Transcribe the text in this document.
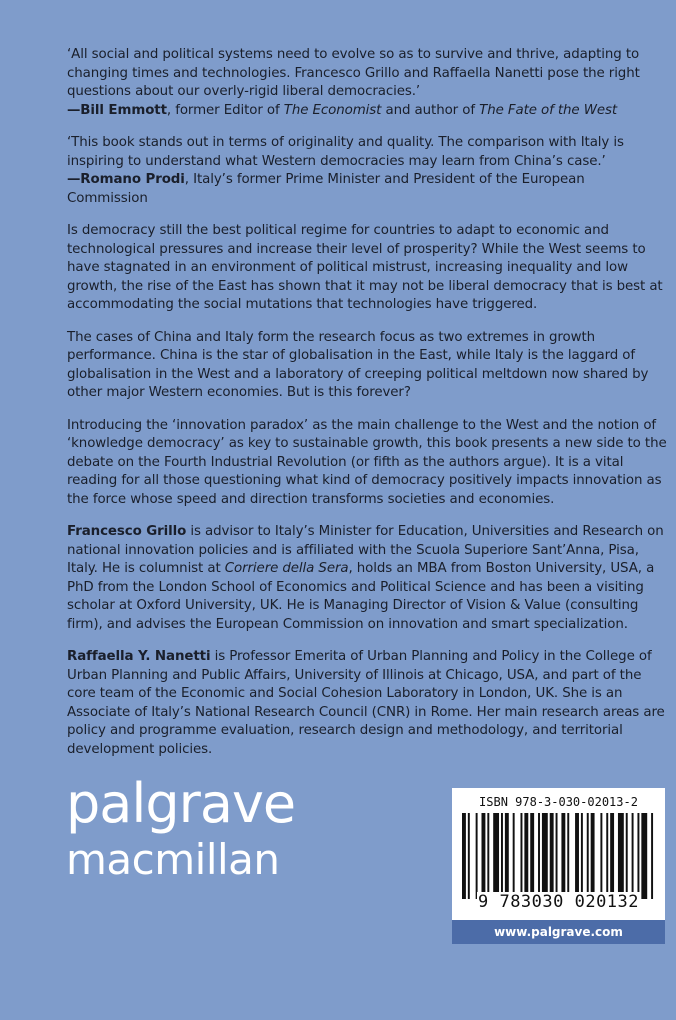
‘All social and political systems need to evolve so as to survive and thrive, adapting to changing times and technologies. Francesco Grillo and Raffaella Nanetti pose the right questions about our overly-rigid liberal democracies.’
—Bill Emmott, former Editor of The Economist and author of The Fate of the West

‘This book stands out in terms of originality and quality. The comparison with Italy is inspiring to understand what Western democracies may learn from China’s case.’
—Romano Prodi, Italy’s former Prime Minister and President of the European Commission

Is democracy still the best political regime for countries to adapt to economic and technological pressures and increase their level of prosperity? While the West seems to have stagnated in an environment of political mistrust, increasing inequality and low growth, the rise of the East has shown that it may not be liberal democracy that is best at accommodating the social mutations that technologies have triggered.

The cases of China and Italy form the research focus as two extremes in growth performance. China is the star of globalisation in the East, while Italy is the laggard of globalisation in the West and a laboratory of creeping political meltdown now shared by other major Western economies. But is this forever?

Introducing the ‘innovation paradox’ as the main challenge to the West and the notion of ‘knowledge democracy’ as key to sustainable growth, this book presents a new side to the debate on the Fourth Industrial Revolution (or fifth as the authors argue). It is a vital reading for all those questioning what kind of democracy positively impacts innovation as the force whose speed and direction transforms societies and economies.

Francesco Grillo is advisor to Italy’s Minister for Education, Universities and Research on national innovation policies and is affiliated with the Scuola Superiore Sant’Anna, Pisa, Italy. He is columnist at Corriere della Sera, holds an MBA from Boston University, USA, a PhD from the London School of Economics and Political Science and has been a visiting scholar at Oxford University, UK. He is Managing Director of Vision & Value (consulting firm), and advises the European Commission on innovation and smart specialization.

Raffaella Y. Nanetti is Professor Emerita of Urban Planning and Policy in the College of Urban Planning and Public Affairs, University of Illinois at Chicago, USA, and part of the core team of the Economic and Social Cohesion Laboratory in London, UK. She is an Associate of Italy’s National Research Council (CNR) in Rome. Her main research areas are policy and programme evaluation, research design and methodology, and territorial development policies.

palgrave
macmillan
ISBN 978-3-030-02013-2
9 783030 020132
www.palgrave.com
